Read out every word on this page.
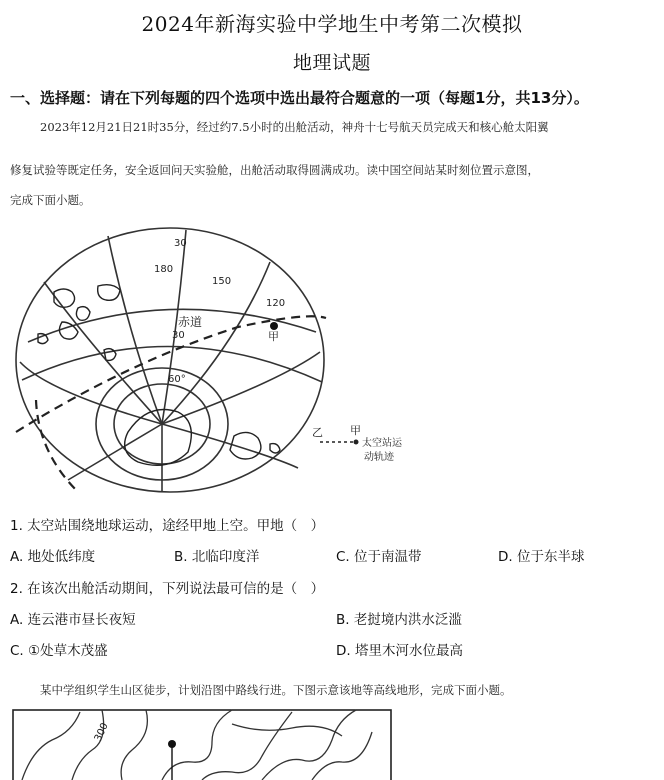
2024年新海实验中学地生中考第二次模拟
地理试题
一、选择题：请在下列每题的四个选项中选出最符合题意的一项（每题1分，共13分）。
2023年12月21日21时35分，经过约7.5小时的出舱活动，神舟十七号航天员完成天和核心舱太阳翼
修复试验等既定任务，安全返回问天实验舱，出舱活动取得圆满成功。读中国空间站某时刻位置示意图，
完成下面小题。
30
180
150
120
赤道
30
60°
甲
乙 甲
太空站运
动轨迹
1. 太空站围绕地球运动，途经甲地上空。甲地（　）
A. 地处低纬度	B. 北临印度洋	C. 位于南温带	D. 位于东半球
2. 在该次出舱活动期间，下列说法最可信的是（　）
A. 连云港市昼长夜短	B. 老挝境内洪水泛滥
C. ①处草木茂盛	D. 塔里木河水位最高
某中学组织学生山区徒步，计划沿图中路线行进。下图示意该地等高线地形，完成下面小题。
300
